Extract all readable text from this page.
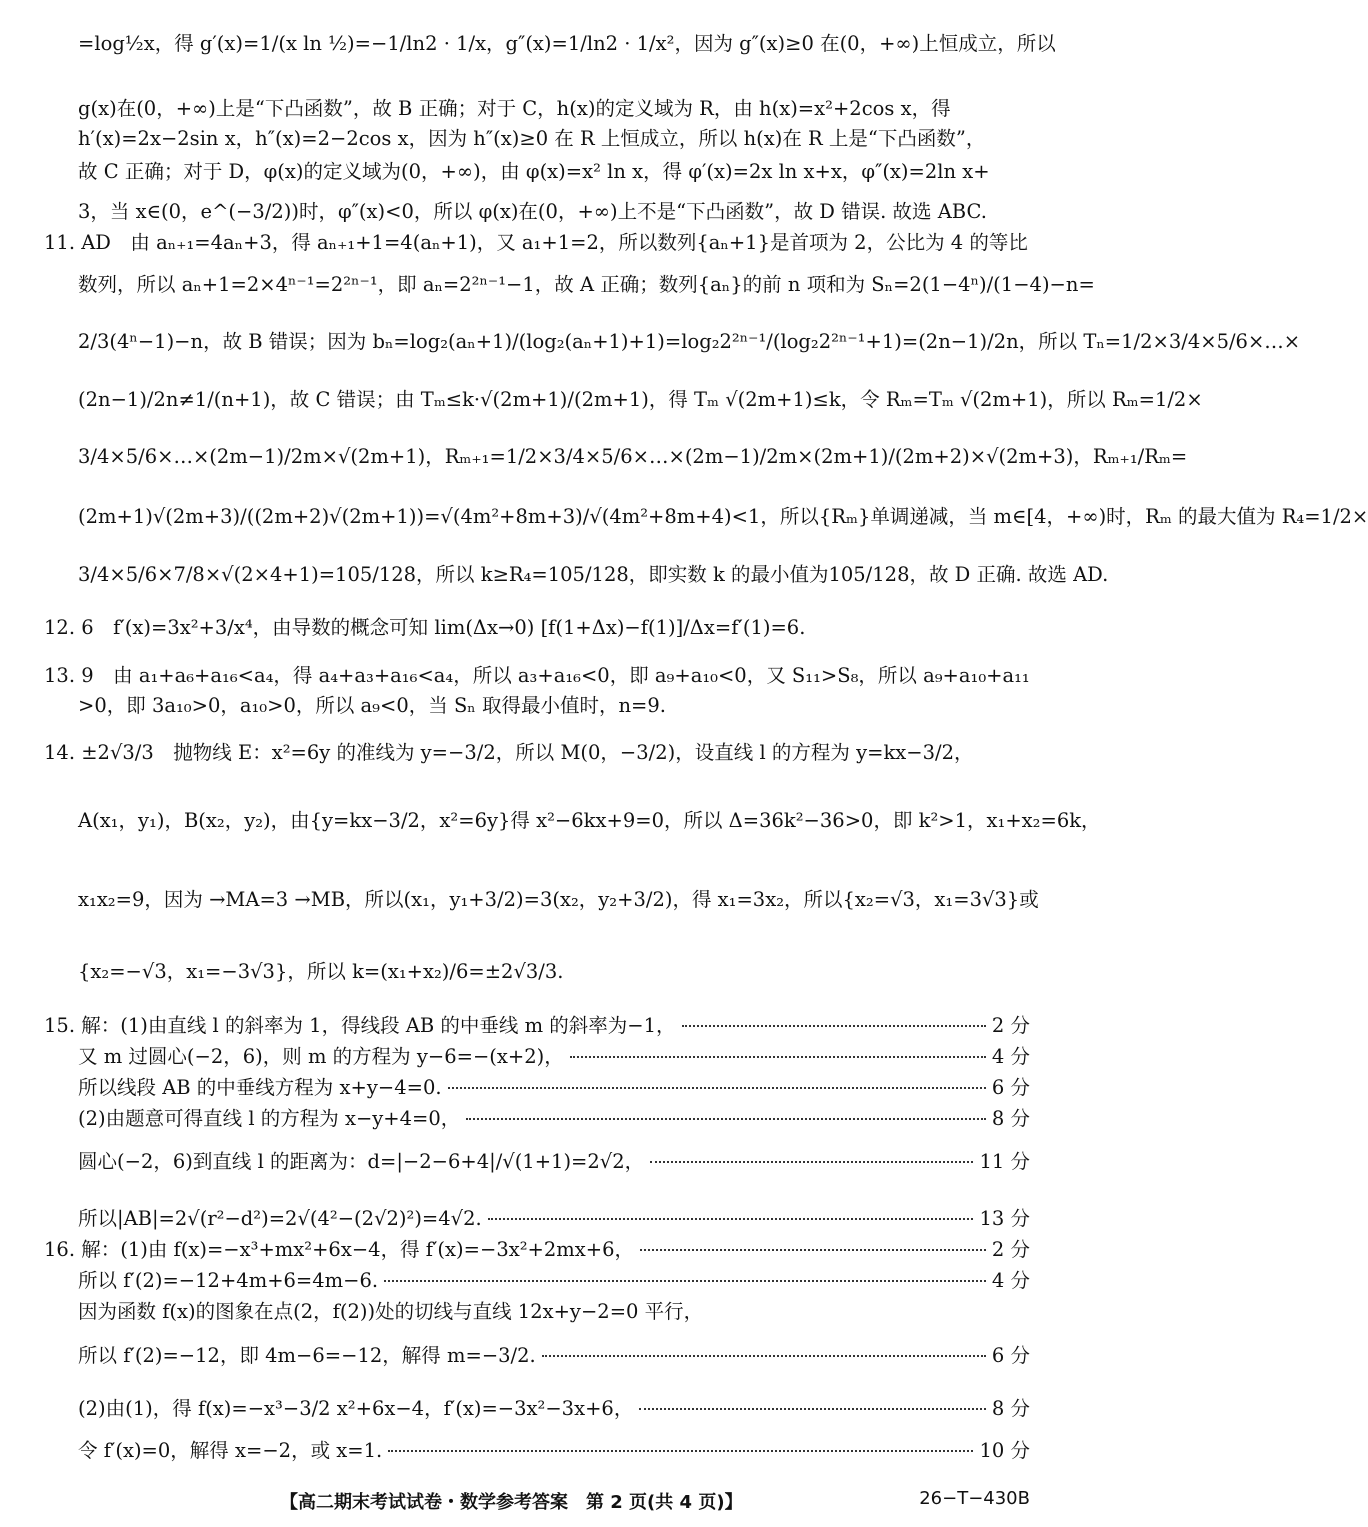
=log½x，得 g′(x)=1/(x ln ½)=−1/ln2 · 1/x，g″(x)=1/ln2 · 1/x²，因为 g″(x)≥0 在(0，+∞)上恒成立，所以
g(x)在(0，+∞)上是“下凸函数”，故 B 正确；对于 C，h(x)的定义域为 R，由 h(x)=x²+2cos x，得
h′(x)=2x−2sin x，h″(x)=2−2cos x，因为 h″(x)≥0 在 R 上恒成立，所以 h(x)在 R 上是“下凸函数”，
故 C 正确；对于 D，φ(x)的定义域为(0，+∞)，由 φ(x)=x² ln x，得 φ′(x)=2x ln x+x，φ″(x)=2ln x+
3，当 x∈(0，e^(−3/2))时，φ″(x)<0，所以 φ(x)在(0，+∞)上不是“下凸函数”，故 D 错误. 故选 ABC.
11. AD　由 aₙ₊₁=4aₙ+3，得 aₙ₊₁+1=4(aₙ+1)，又 a₁+1=2，所以数列{aₙ+1}是首项为 2，公比为 4 的等比
数列，所以 aₙ+1=2×4ⁿ⁻¹=2²ⁿ⁻¹，即 aₙ=2²ⁿ⁻¹−1，故 A 正确；数列{aₙ}的前 n 项和为 Sₙ=2(1−4ⁿ)/(1−4)−n=
2/3(4ⁿ−1)−n，故 B 错误；因为 bₙ=log₂(aₙ+1)/(log₂(aₙ+1)+1)=log₂2²ⁿ⁻¹/(log₂2²ⁿ⁻¹+1)=(2n−1)/2n，所以 Tₙ=1/2×3/4×5/6×…×
(2n−1)/2n≠1/(n+1)，故 C 错误；由 Tₘ≤k·√(2m+1)/(2m+1)，得 Tₘ √(2m+1)≤k，令 Rₘ=Tₘ √(2m+1)，所以 Rₘ=1/2×
3/4×5/6×…×(2m−1)/2m×√(2m+1)，Rₘ₊₁=1/2×3/4×5/6×…×(2m−1)/2m×(2m+1)/(2m+2)×√(2m+3)，Rₘ₊₁/Rₘ=
(2m+1)√(2m+3)/((2m+2)√(2m+1))=√(4m²+8m+3)/√(4m²+8m+4)<1，所以{Rₘ}单调递减，当 m∈[4，+∞)时，Rₘ 的最大值为 R₄=1/2×
3/4×5/6×7/8×√(2×4+1)=105/128，所以 k≥R₄=105/128，即实数 k 的最小值为105/128，故 D 正确. 故选 AD.
12. 6　f′(x)=3x²+3/x⁴，由导数的概念可知 lim(Δx→0) [f(1+Δx)−f(1)]/Δx=f′(1)=6.
13. 9　由 a₁+a₆+a₁₆<a₄，得 a₄+a₃+a₁₆<a₄，所以 a₃+a₁₆<0，即 a₉+a₁₀<0，又 S₁₁>S₈，所以 a₉+a₁₀+a₁₁
>0，即 3a₁₀>0，a₁₀>0，所以 a₉<0，当 Sₙ 取得最小值时，n=9.
14. ±2√3/3　抛物线 E：x²=6y 的准线为 y=−3/2，所以 M(0，−3/2)，设直线 l 的方程为 y=kx−3/2，
A(x₁，y₁)，B(x₂，y₂)，由{y=kx−3/2，x²=6y}得 x²−6kx+9=0，所以 Δ=36k²−36>0，即 k²>1，x₁+x₂=6k，
x₁x₂=9，因为 →MA=3 →MB，所以(x₁，y₁+3/2)=3(x₂，y₂+3/2)，得 x₁=3x₂，所以{x₂=√3，x₁=3√3}或
{x₂=−√3，x₁=−3√3}，所以 k=(x₁+x₂)/6=±2√3/3.
15. 解：(1)由直线 l 的斜率为 1，得线段 AB 的中垂线 m 的斜率为−1，	2 分
又 m 过圆心(−2，6)，则 m 的方程为 y−6=−(x+2)，	4 分
所以线段 AB 的中垂线方程为 x+y−4=0.	6 分
(2)由题意可得直线 l 的方程为 x−y+4=0，	8 分
圆心(−2，6)到直线 l 的距离为：d=|−2−6+4|/√(1+1)=2√2，	11 分
所以|AB|=2√(r²−d²)=2√(4²−(2√2)²)=4√2.	13 分
16. 解：(1)由 f(x)=−x³+mx²+6x−4，得 f′(x)=−3x²+2mx+6，	2 分
所以 f′(2)=−12+4m+6=4m−6.	4 分
因为函数 f(x)的图象在点(2，f(2))处的切线与直线 12x+y−2=0 平行，
所以 f′(2)=−12，即 4m−6=−12，解得 m=−3/2.	6 分
(2)由(1)，得 f(x)=−x³−3/2 x²+6x−4，f′(x)=−3x²−3x+6，	8 分
令 f′(x)=0，解得 x=−2，或 x=1.	10 分
【高二期末考试试卷・数学参考答案　第 2 页(共 4 页)】	26−T−430B
